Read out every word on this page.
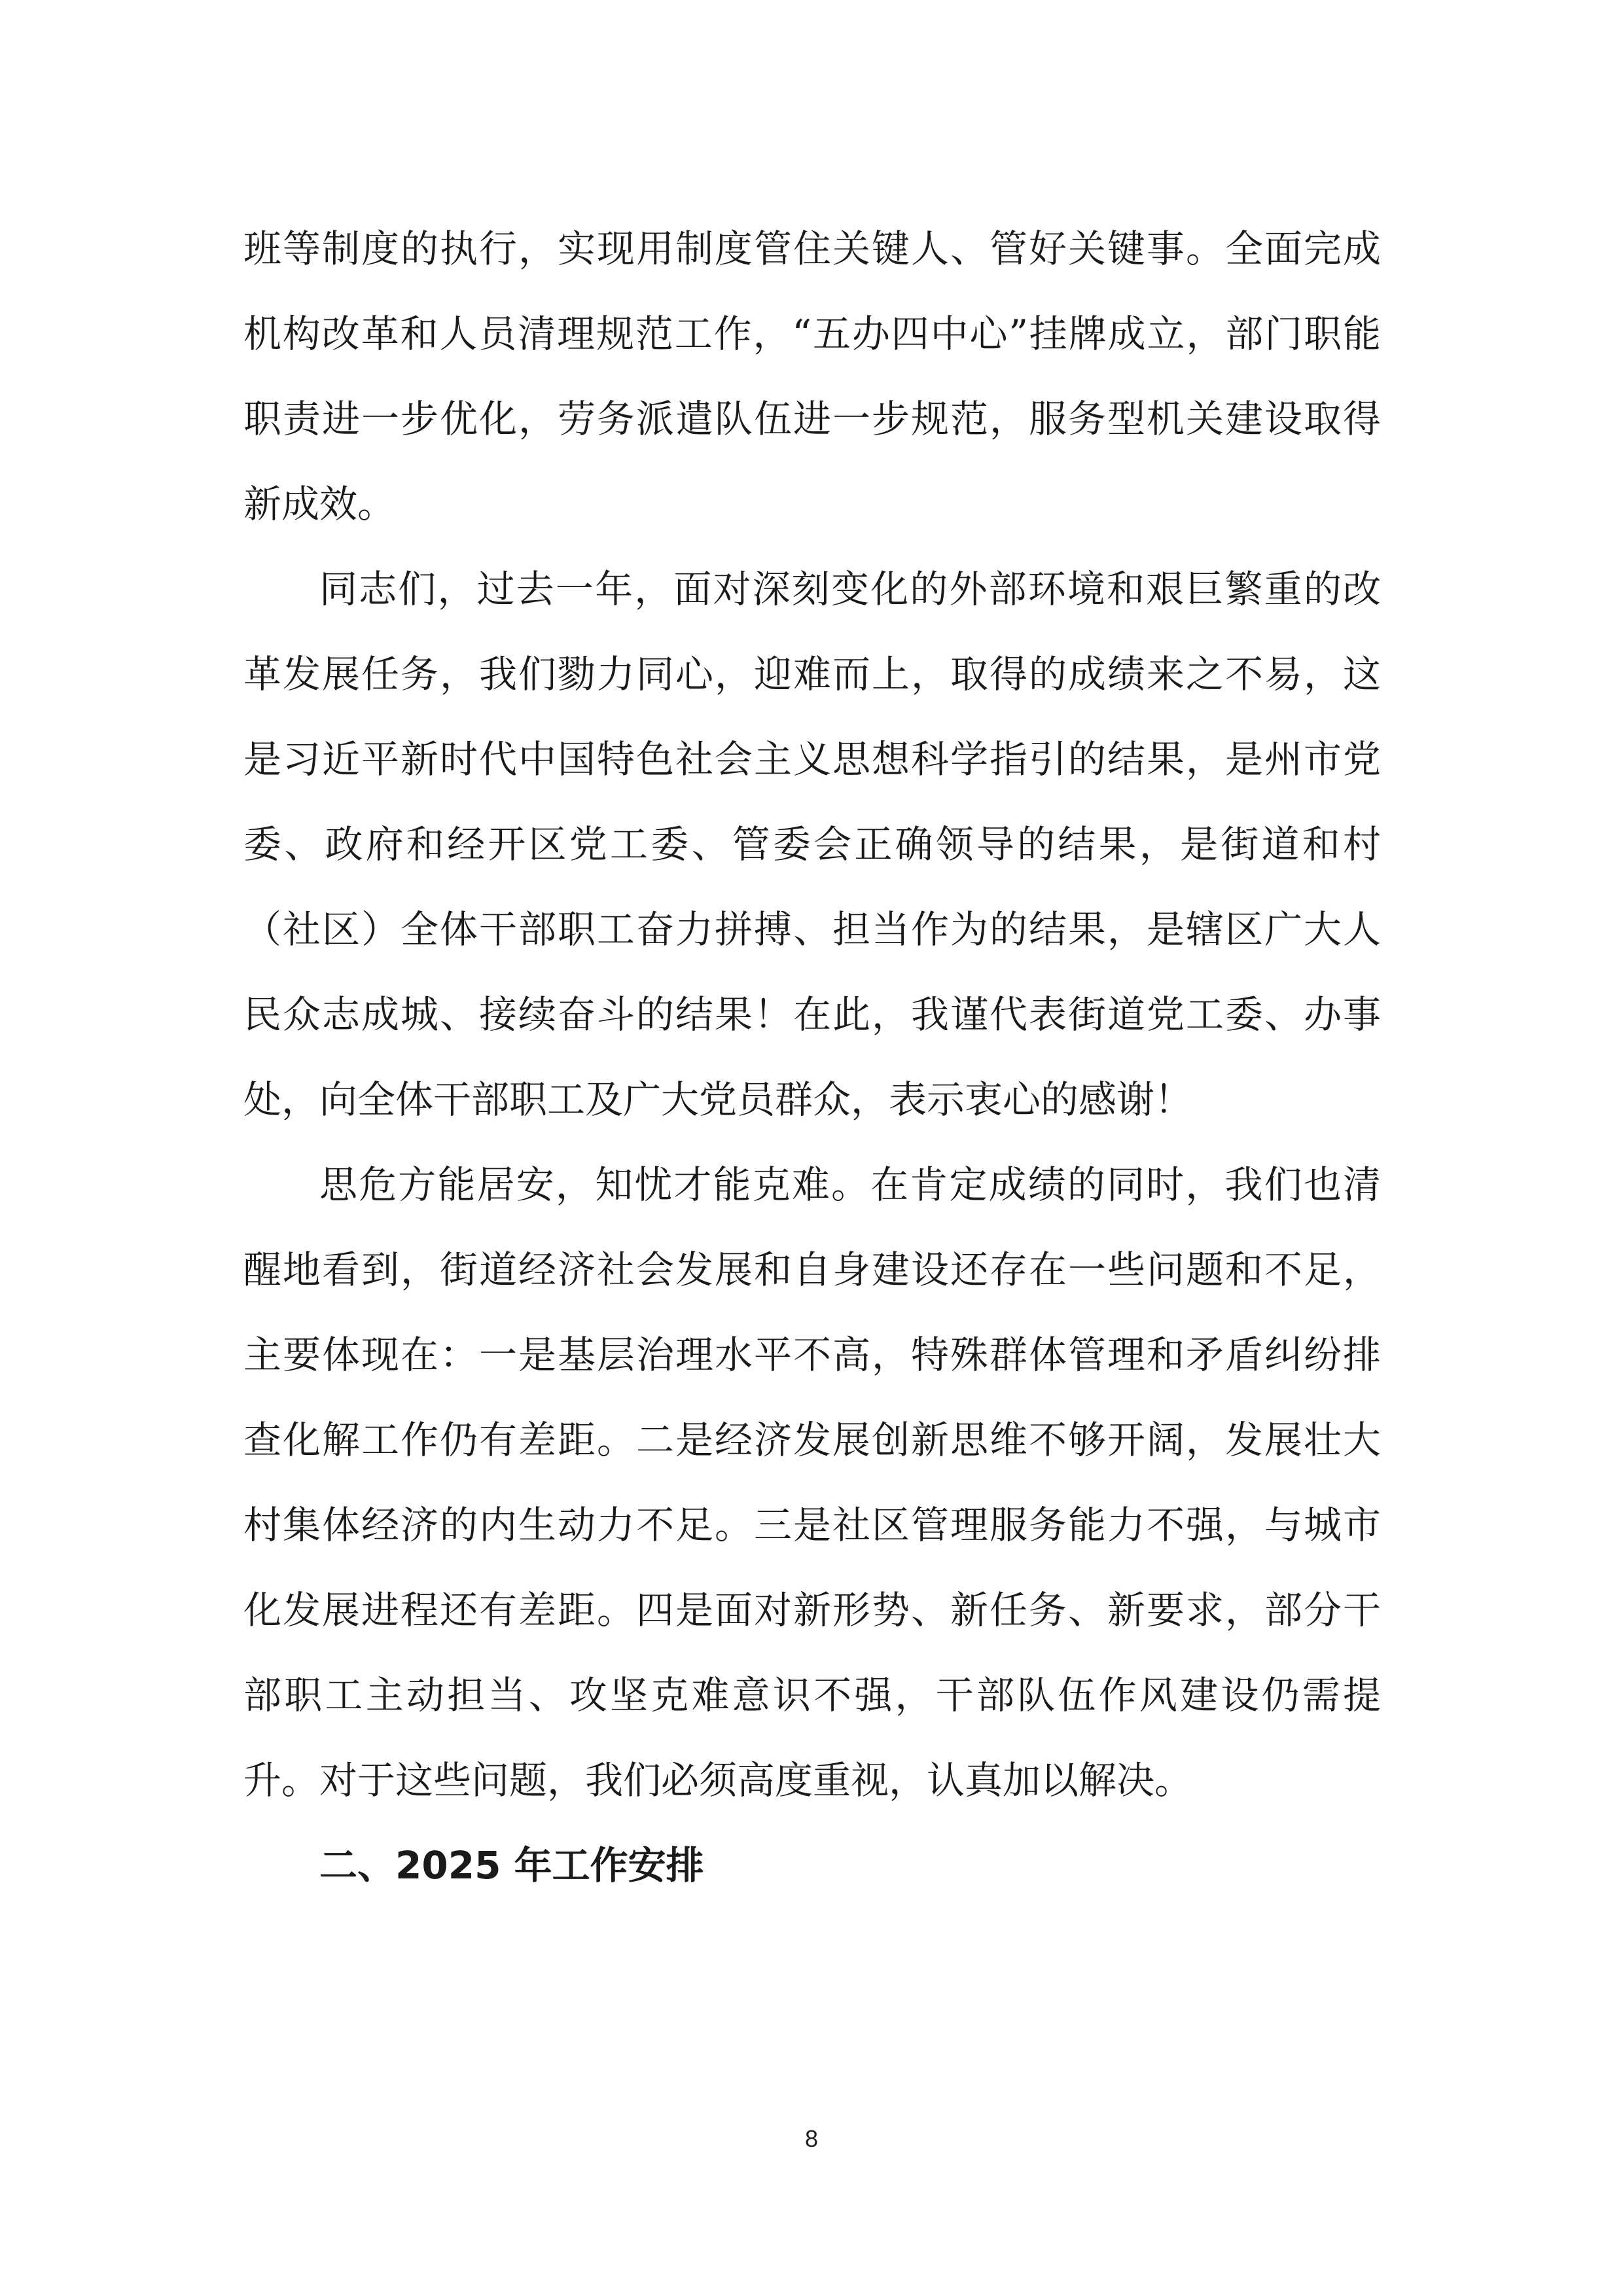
班等制度的执行，实现用制度管住关键人、管好关键事。全面完成机构改革和人员清理规范工作，“五办四中心”挂牌成立，部门职能职责进一步优化，劳务派遣队伍进一步规范，服务型机关建设取得新成效。

同志们，过去一年，面对深刻变化的外部环境和艰巨繁重的改革发展任务，我们勠力同心，迎难而上，取得的成绩来之不易，这是习近平新时代中国特色社会主义思想科学指引的结果，是州市党委、政府和经开区党工委、管委会正确领导的结果，是街道和村（社区）全体干部职工奋力拼搏、担当作为的结果，是辖区广大人民众志成城、接续奋斗的结果！在此，我谨代表街道党工委、办事处，向全体干部职工及广大党员群众，表示衷心的感谢！

思危方能居安，知忧才能克难。在肯定成绩的同时，我们也清醒地看到，街道经济社会发展和自身建设还存在一些问题和不足，主要体现在：一是基层治理水平不高，特殊群体管理和矛盾纠纷排查化解工作仍有差距。二是经济发展创新思维不够开阔，发展壮大村集体经济的内生动力不足。三是社区管理服务能力不强，与城市化发展进程还有差距。四是面对新形势、新任务、新要求，部分干部职工主动担当、攻坚克难意识不强，干部队伍作风建设仍需提升。对于这些问题，我们必须高度重视，认真加以解决。

二、2025 年工作安排

8
